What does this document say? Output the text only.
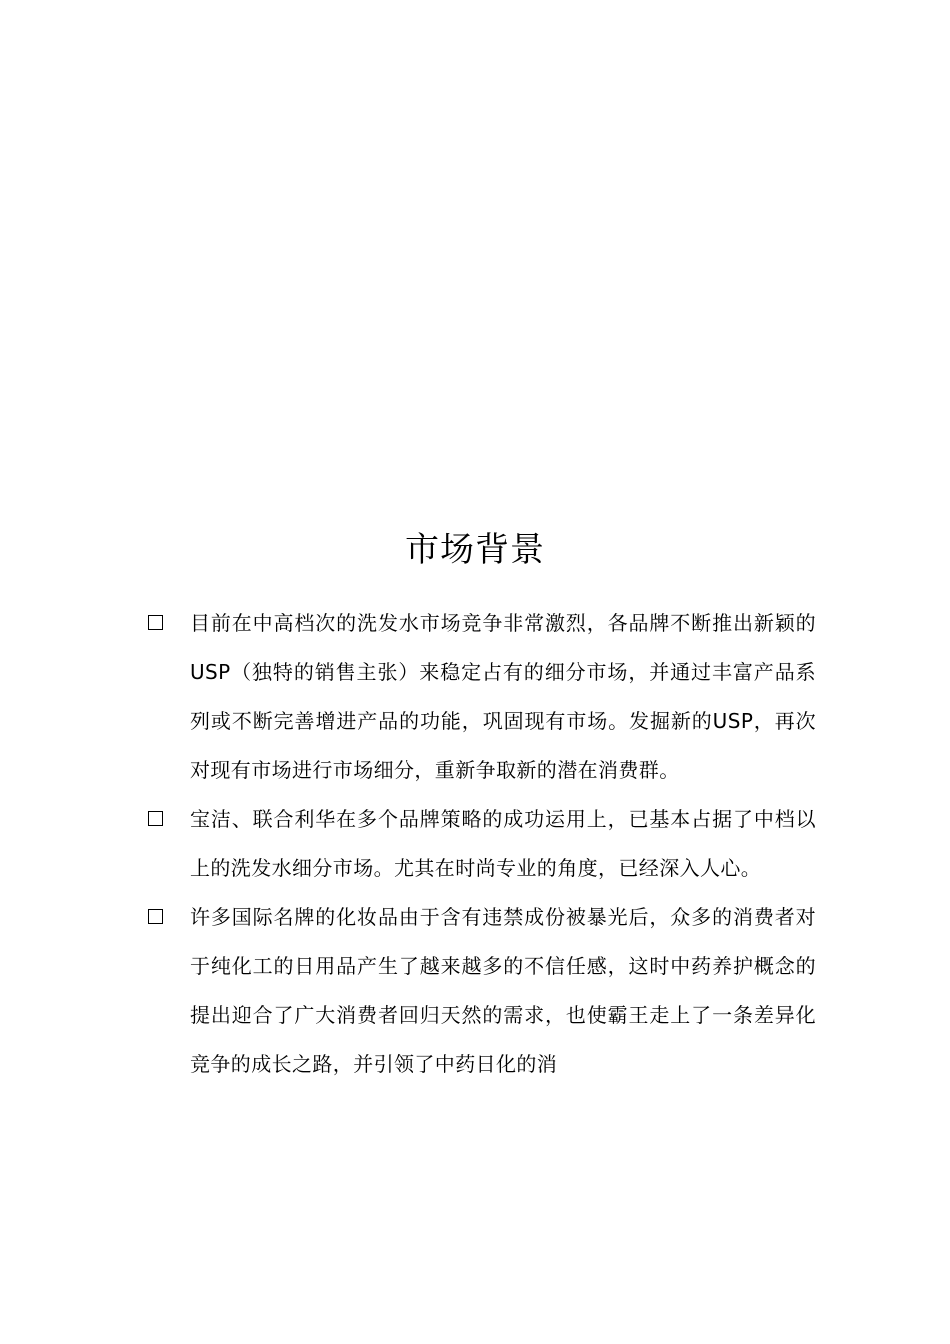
市场背景
目前在中高档次的洗发水市场竞争非常激烈，各品牌不断推出新颖的USP（独特的销售主张）来稳定占有的细分市场，并通过丰富产品系列或不断完善增进产品的功能，巩固现有市场。发掘新的USP，再次对现有市场进行市场细分，重新争取新的潜在消费群。
宝洁、联合利华在多个品牌策略的成功运用上，已基本占据了中档以上的洗发水细分市场。尤其在时尚专业的角度，已经深入人心。
许多国际名牌的化妆品由于含有违禁成份被暴光后，众多的消费者对于纯化工的日用品产生了越来越多的不信任感，这时中药养护概念的提出迎合了广大消费者回归天然的需求，也使霸王走上了一条差异化竞争的成长之路，并引领了中药日化的消
